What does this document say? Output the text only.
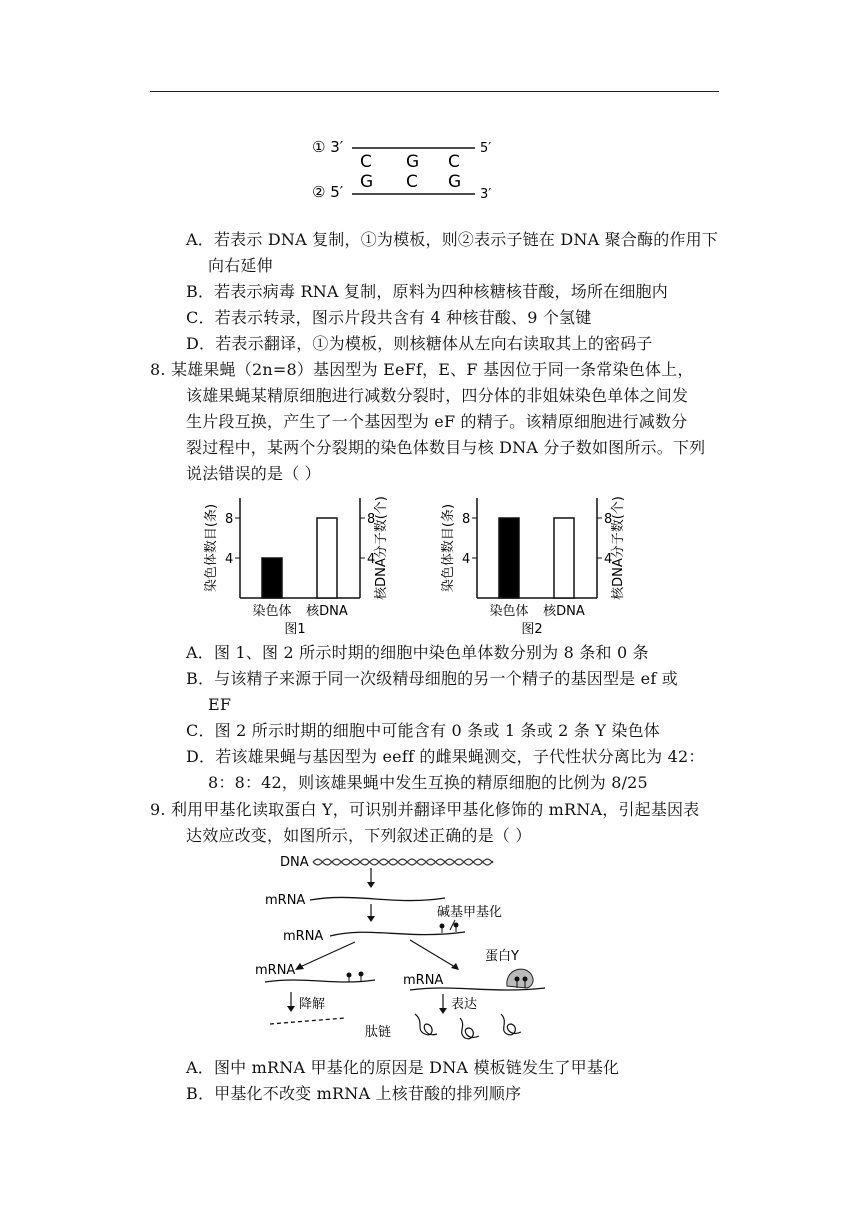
① 3′	5′
C G C
G C G
② 5′	3′
A．若表示 DNA 复制，①为模板，则②表示子链在 DNA 聚合酶的作用下
向右延伸
B．若表示病毒 RNA 复制，原料为四种核糖核苷酸，场所在细胞内
C．若表示转录，图示片段共含有 4 种核苷酸、9 个氢键
D．若表示翻译，①为模板，则核糖体从左向右读取其上的密码子
8. 某雄果蝇（2n=8）基因型为 EeFf，E、F 基因位于同一条常染色体上，
该雄果蝇某精原细胞进行减数分裂时，四分体的非姐妹染色单体之间发
生片段互换，产生了一个基因型为 eF 的精子。该精原细胞进行减数分
裂过程中，某两个分裂期的染色体数目与核 DNA 分子数如图所示。下列
说法错误的是（ ）
4	4
8	8
染色体数目(条)	核DNA分子数(个)
染色体 核DNA
图1
4	4
8	8
染色体数目(条)	核DNA分子数(个)
染色体 核DNA
图2
A．图 1、图 2 所示时期的细胞中染色单体数分别为 8 条和 0 条
B．与该精子来源于同一次级精母细胞的另一个精子的基因型是 ef 或
EF
C．图 2 所示时期的细胞中可能含有 0 条或 1 条或 2 条 Y 染色体
D．若该雄果蝇与基因型为 eeff 的雌果蝇测交，子代性状分离比为 42：
8：8：42，则该雄果蝇中发生互换的精原细胞的比例为 8/25
9. 利用甲基化读取蛋白 Y，可识别并翻译甲基化修饰的 mRNA，引起基因表
达效应改变，如图所示，下列叙述正确的是（ ）
DNA
mRNA
碱基甲基化
mRNA
mRNA
mRNA
蛋白Y
降解	表达
肽链
A．图中 mRNA 甲基化的原因是 DNA 模板链发生了甲基化
B．甲基化不改变 mRNA 上核苷酸的排列顺序
